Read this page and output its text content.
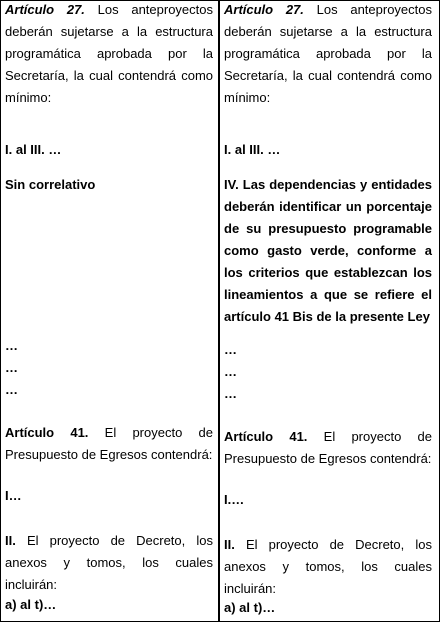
Artículo 27. Los anteproyectos deberán sujetarse a la estructura programática aprobada por la Secretaría, la cual contendrá como mínimo:

I. al III. …

Sin correlativo

…

…

…

Artículo 41. El proyecto de Presupuesto de Egresos contendrá:

I…

II. El proyecto de Decreto, los anexos y tomos, los cuales incluirán:

a) al t)…

Artículo 27. Los anteproyectos deberán sujetarse a la estructura programática aprobada por la Secretaría, la cual contendrá como mínimo:

I. al III. …

IV. Las dependencias y entidades deberán identificar un porcentaje de su presupuesto programable como gasto verde, conforme a los criterios que establezcan los lineamientos a que se refiere el artículo 41 Bis de la presente Ley

…

…

…

Artículo 41. El proyecto de Presupuesto de Egresos contendrá:

I.…

II. El proyecto de Decreto, los anexos y tomos, los cuales incluirán:

a) al t)…
